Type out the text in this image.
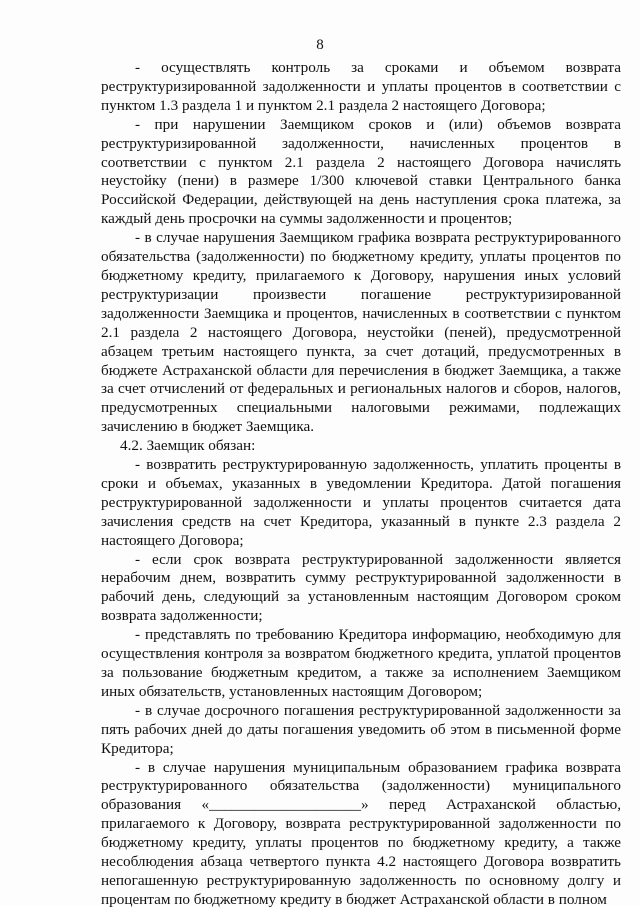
8

- осуществлять контроль за сроками и объемом возврата реструктуризированной задолженности и уплаты процентов в соответствии с пунктом 1.3 раздела 1 и пунктом 2.1 раздела 2 настоящего Договора;

- при нарушении Заемщиком сроков и (или) объемов возврата реструктуризированной задолженности, начисленных процентов в соответствии с пунктом 2.1 раздела 2 настоящего Договора начислять неустойку (пени) в размере 1/300 ключевой ставки Центрального банка Российской Федерации, действующей на день наступления срока платежа, за каждый день просрочки на суммы задолженности и процентов;

- в случае нарушения Заемщиком графика возврата реструктурированного обязательства (задолженности) по бюджетному кредиту, уплаты процентов по бюджетному кредиту, прилагаемого к Договору, нарушения иных условий реструктуризации произвести погашение реструктуризированной задолженности Заемщика и процентов, начисленных в соответствии с пунктом 2.1 раздела 2 настоящего Договора, неустойки (пеней), предусмотренной абзацем третьим настоящего пункта, за счет дотаций, предусмотренных в бюджете Астраханской области для перечисления в бюджет Заемщика, а также за счет отчислений от федеральных и региональных налогов и сборов, налогов, предусмотренных специальными налоговыми режимами, подлежащих зачислению в бюджет Заемщика.

4.2. Заемщик обязан:

- возвратить реструктурированную задолженность, уплатить проценты в сроки и объемах, указанных в уведомлении Кредитора. Датой погашения реструктурированной задолженности и уплаты процентов считается дата зачисления средств на счет Кредитора, указанный в пункте 2.3 раздела 2 настоящего Договора;

- если срок возврата реструктурированной задолженности является нерабочим днем, возвратить сумму реструктурированной задолженности в рабочий день, следующий за установленным настоящим Договором сроком возврата задолженности;

- представлять по требованию Кредитора информацию, необходимую для осуществления контроля за возвратом бюджетного кредита, уплатой процентов за пользование бюджетным кредитом, а также за исполнением Заемщиком иных обязательств, установленных настоящим Договором;

- в случае досрочного погашения реструктурированной задолженности за пять рабочих дней до даты погашения уведомить об этом в письменной форме Кредитора;

- в случае нарушения муниципальным образованием графика возврата реструктурированного обязательства (задолженности) муниципального образования «____________________» перед Астраханской областью, прилагаемого к Договору, возврата реструктурированной задолженности по бюджетному кредиту, уплаты процентов по бюджетному кредиту, а также несоблюдения абзаца четвертого пункта 4.2 настоящего Договора возвратить непогашенную реструктурированную задолженность по основному долгу и процентам по бюджетному кредиту в бюджет Астраханской области в полном
